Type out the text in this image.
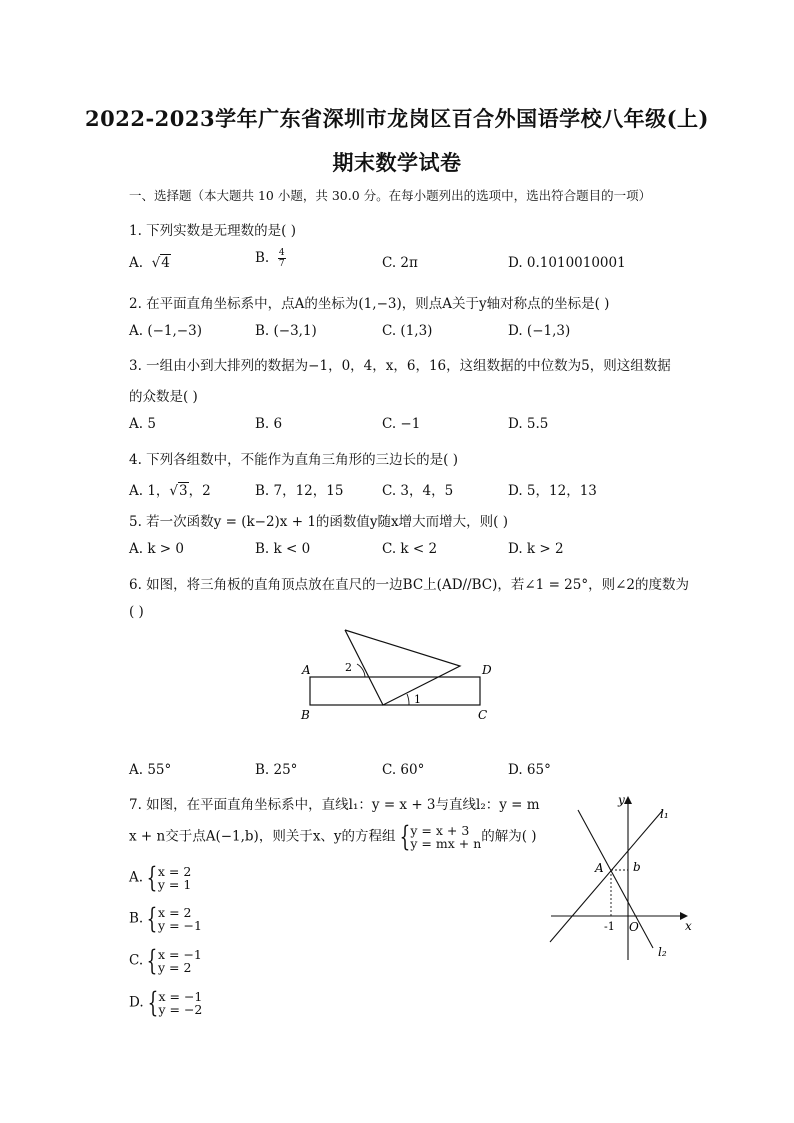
2022-2023学年广东省深圳市龙岗区百合外国语学校八年级(上)
期末数学试卷
一、选择题（本大题共 10 小题，共 30.0 分。在每小题列出的选项中，选出符合题目的一项）
1. 下列实数是无理数的是( )
A. √4	B. $\frac{4}{7}$	C. 2π	D. 0.1010010001
2. 在平面直角坐标系中，点A的坐标为(1,−3)，则点A关于y轴对称点的坐标是( )
A. (−1,−3)	B. (−3,1)	C. (1,3)	D. (−1,3)
3. 一组由小到大排列的数据为−1，0，4，x，6，16，这组数据的中位数为5，则这组数据
的众数是( )
A. 5	B. 6	C. −1	D. 5.5
4. 下列各组数中，不能作为直角三角形的三边长的是( )
A. 1，√3，2	B. 7，12，15	C. 3，4，5	D. 5，12，13
5. 若一次函数y = (k−2)x + 1的函数值y随x增大而增大，则( )
A. k > 0	B. k < 0	C. k < 2	D. k > 2
6. 如图，将三角板的直角顶点放在直尺的一边BC上(AD//BC)，若∠1 = 25°，则∠2的度数为
( )
A
B	C
D
1
2
A. 55°	B. 25°	C. 60°	D. 65°
7. 如图，在平面直角坐标系中，直线l₁：y = x + 3与直线l₂：y = m
x + n交于点A(−1,b)，则关于x、y的方程组 {y = x + 3
y = mx + n的解为( )
y
x
O
-1
A b
l₁
l₂
A. {x = 2
y = 1
B. {x = 2
y = −1
C. {x = −1
y = 2
D. {x = −1
y = −2
